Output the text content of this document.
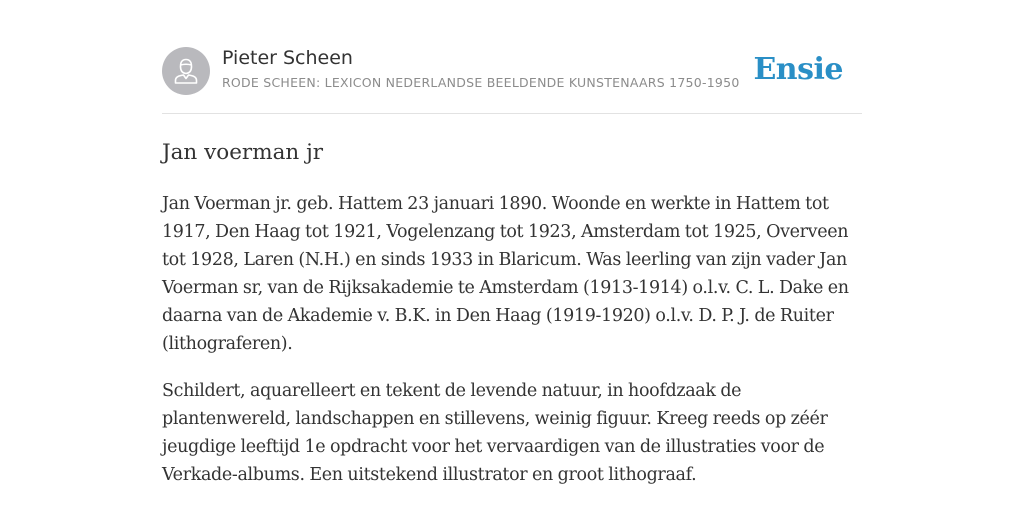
Pieter Scheen
RODE SCHEEN: LEXICON NEDERLANDSE BEELDENDE KUNSTENAARS 1750-1950 Ensie
Jan voerman jr

Jan Voerman jr. geb. Hattem 23 januari 1890. Woonde en werkte in Hattem tot 1917, Den Haag tot 1921, Vogelenzang tot 1923, Amsterdam tot 1925, Overveen tot 1928, Laren (N.H.) en sinds 1933 in Blaricum. Was leerling van zijn vader Jan Voerman sr, van de Rijksakademie te Amsterdam (1913-1914) o.l.v. C. L. Dake en daarna van de Akademie v. B.K. in Den Haag (1919-1920) o.l.v. D. P. J. de Ruiter (lithograferen).

Schildert, aquarelleert en tekent de levende natuur, in hoofdzaak de plantenwereld, landschappen en stillevens, weinig figuur. Kreeg reeds op zéér jeugdige leeftijd 1e opdracht voor het vervaardigen van de illustraties voor de Verkade-albums. Een uitstekend illustrator en groot lithograaf.
